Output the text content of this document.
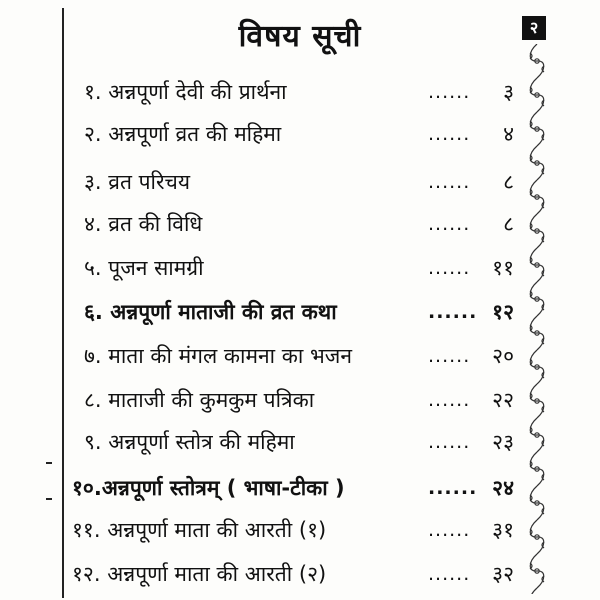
विषय सूची	२
१. अन्नपूर्णा देवी की प्रार्थना	...... ३
२. अन्नपूर्णा व्रत की महिमा	...... ४
३. व्रत परिचय	...... ८
४. व्रत की विधि	...... ८
५. पूजन सामग्री	...... ११
६. अन्नपूर्णा माताजी की व्रत कथा	...... १२
७. माता की मंगल कामना का भजन	...... २०
८. माताजी की कुमकुम पत्रिका	...... २२
९. अन्नपूर्णा स्तोत्र की महिमा	...... २३
१०.अन्नपूर्णा स्तोत्रम् ( भाषा-टीका )	...... २४
११. अन्नपूर्णा माता की आरती (१)	...... ३१
१२. अन्नपूर्णा माता की आरती (२)	...... ३२
